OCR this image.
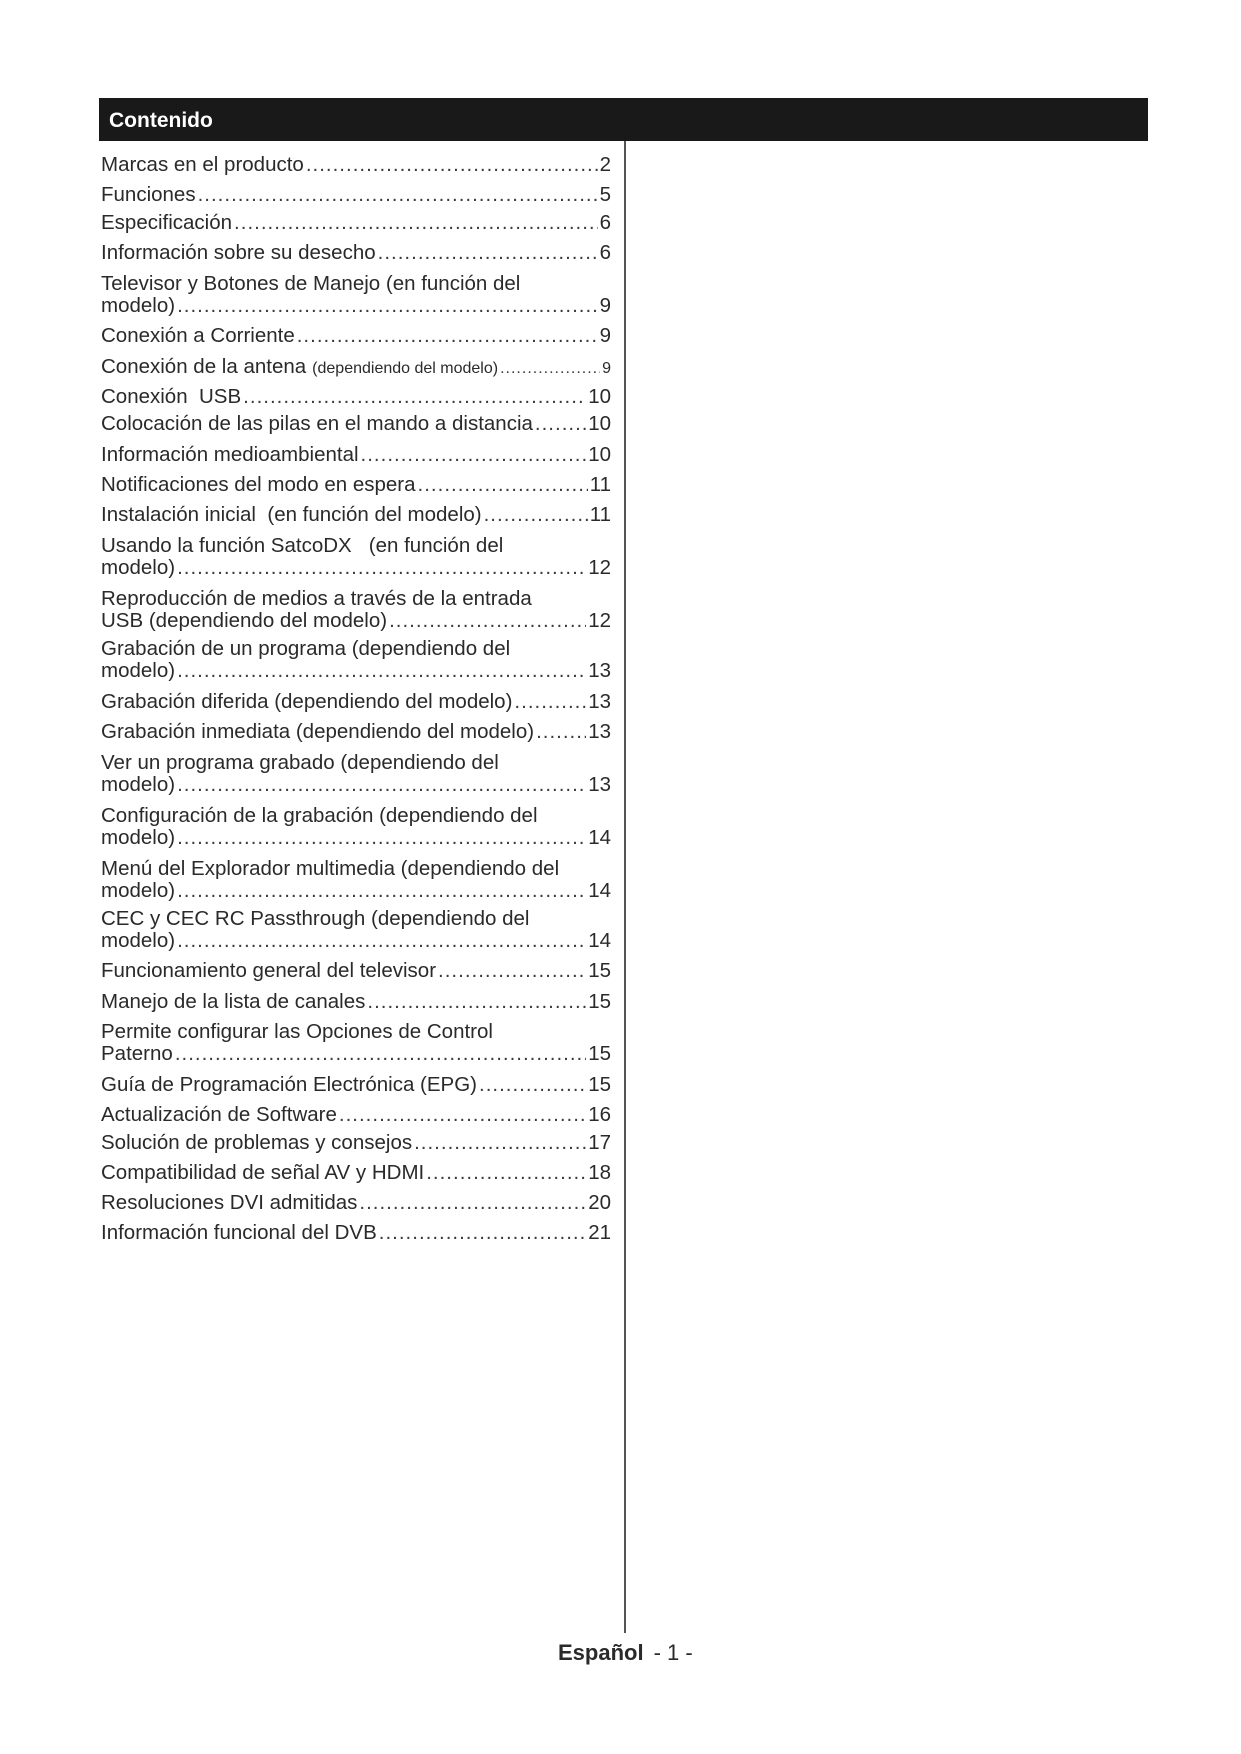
Contenido
Marcas en el producto .....	2
Funciones .....	5
Especificación .....	6
Información sobre su desecho .....	6
Televisor y Botones de Manejo (en función del
modelo) .....	9
Conexión a Corriente .....	9
Conexión de la antena (dependiendo del modelo) .....	9
Conexión  USB .....	10
Colocación de las pilas en el mando a distancia .....	10
Información medioambiental .....	10
Notificaciones del modo en espera .....	11
Instalación inicial  (en función del modelo) .....	11
Usando la función SatcoDX   (en función del
modelo) .....	12
Reproducción de medios a través de la entrada
USB (dependiendo del modelo) .....	12
Grabación de un programa (dependiendo del
modelo) .....	13
Grabación diferida (dependiendo del modelo) .....	13
Grabación inmediata (dependiendo del modelo) .....	13
Ver un programa grabado (dependiendo del
modelo) .....	13
Configuración de la grabación (dependiendo del
modelo) .....	14
Menú del Explorador multimedia (dependiendo del
modelo) .....	14
CEC y CEC RC Passthrough (dependiendo del
modelo) .....	14
Funcionamiento general del televisor .....	15
Manejo de la lista de canales .....	15
Permite configurar las Opciones de Control
Paterno .....	15
Guía de Programación Electrónica (EPG) .....	15
Actualización de Software .....	16
Solución de problemas y consejos .....	17
Compatibilidad de señal AV y HDMI .....	18
Resoluciones DVI admitidas .....	20
Información funcional del DVB .....	21
Español - 1 -
